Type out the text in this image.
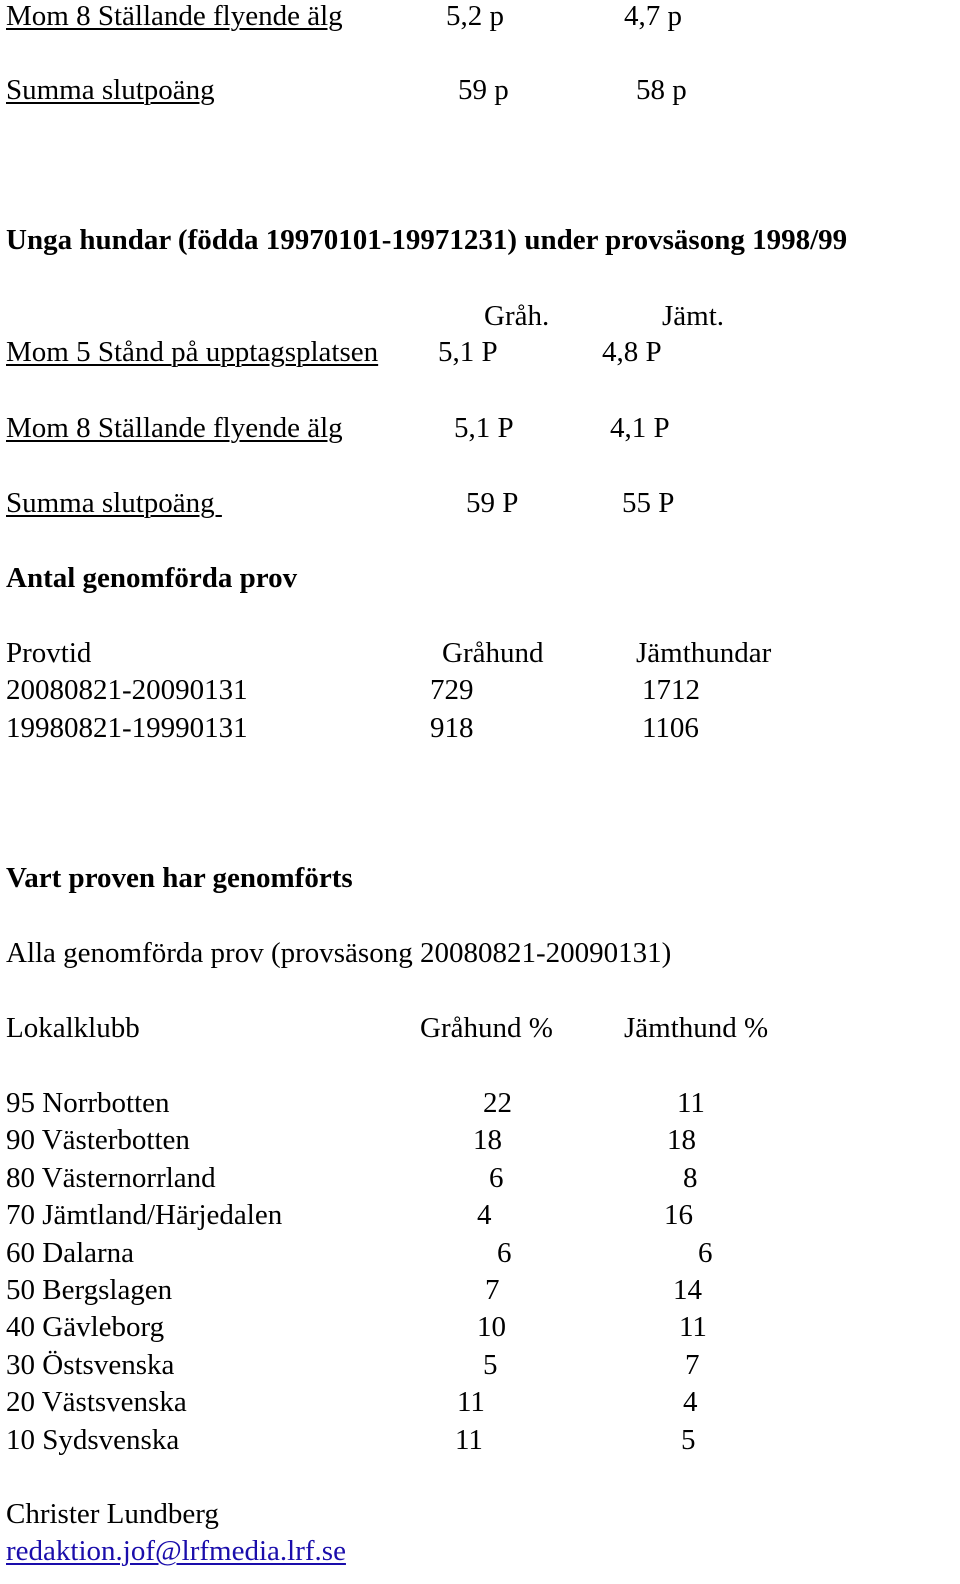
Mom 8 Ställande flyende älg	5,2 p	4,7 p
Summa slutpoäng	59 p	58 p
Unga hundar (födda 19970101-19971231) under provsäsong 1998/99
Gråh.	Jämt.
Mom 5 Stånd på upptagsplatsen 5,1 P	4,8 P
Mom 8 Ställande flyende älg	5,1 P	4,1 P
Summa slutpoäng	59 P	55 P
Antal genomförda prov
Provtid	Gråhund	Jämthundar
20080821-20090131	729	1712
19980821-19990131	918	1106
Vart proven har genomförts
Alla genomförda prov (provsäsong 20080821-20090131)
Lokalklubb	Gråhund % Jämthund %
95 Norrbotten	22	11
90 Västerbotten	18	18
80 Västernorrland	6	8
70 Jämtland/Härjedalen	4	16
60 Dalarna	6	6
50 Bergslagen	7	14
40 Gävleborg	10	11
30 Östsvenska	5	7
20 Västsvenska	11	4
10 Sydsvenska	11	5
Christer Lundberg
redaktion.jof@lrfmedia.lrf.se
